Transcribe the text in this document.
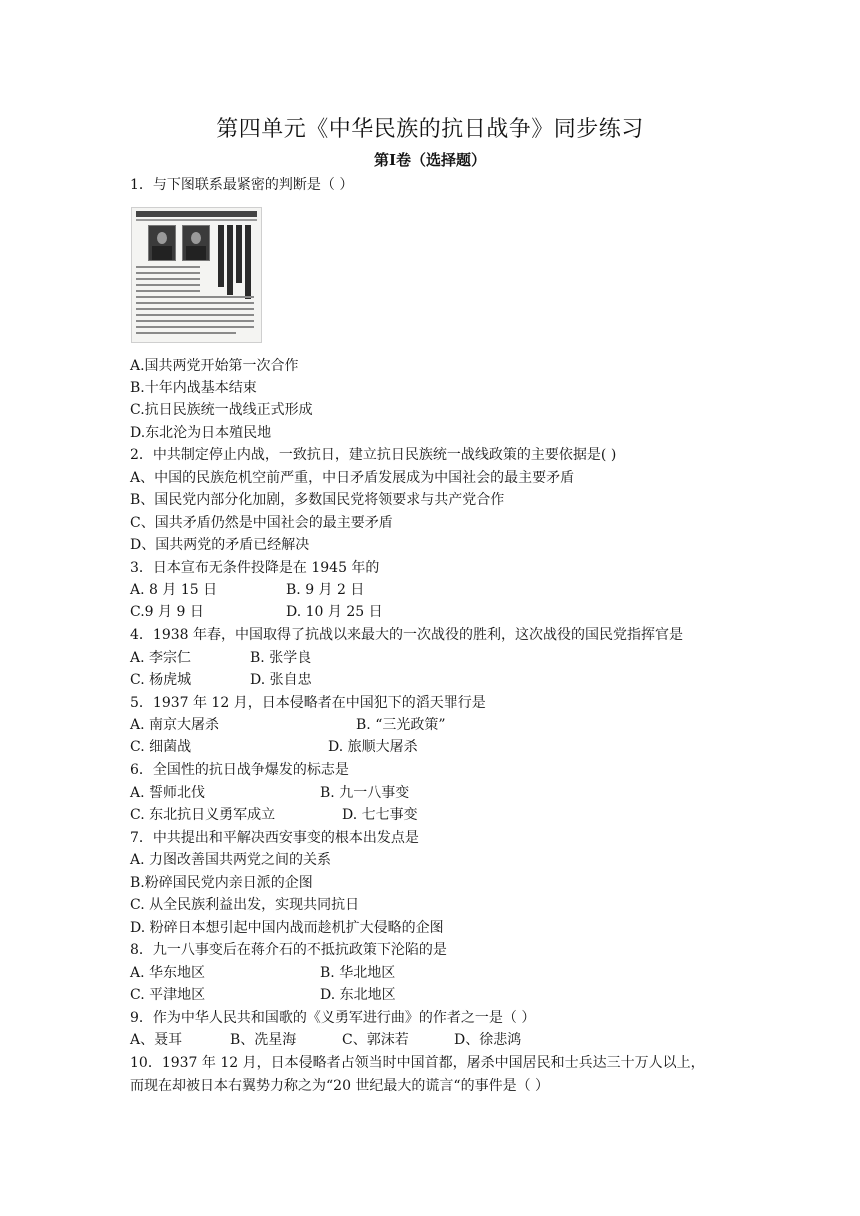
第四单元《中华民族的抗日战争》同步练习
第Ⅰ卷（选择题）
1．与下图联系最紧密的判断是（ ）
A.国共两党开始第一次合作
B.十年内战基本结束
C.抗日民族统一战线正式形成
D.东北沦为日本殖民地
2．中共制定停止内战，一致抗日，建立抗日民族统一战线政策的主要依据是( )
A、中国的民族危机空前严重，中日矛盾发展成为中国社会的最主要矛盾
B、国民党内部分化加剧，多数国民党将领要求与共产党合作
C、国共矛盾仍然是中国社会的最主要矛盾
D、国共两党的矛盾已经解决
3．日本宣布无条件投降是在 1945 年的
A. 8 月 15 日	B. 9 月 2 日
C.9 月 9 日	D. 10 月 25 日
4．1938 年春，中国取得了抗战以来最大的一次战役的胜利，这次战役的国民党指挥官是
A. 李宗仁	B. 张学良
C. 杨虎城	D. 张自忠
5．1937 年 12 月，日本侵略者在中国犯下的滔天罪行是
A. 南京大屠杀	B. “三光政策”
C. 细菌战	D. 旅顺大屠杀
6．全国性的抗日战争爆发的标志是
A. 誓师北伐	B. 九一八事变
C. 东北抗日义勇军成立	D. 七七事变
7．中共提出和平解决西安事变的根本出发点是
A. 力图改善国共两党之间的关系
B.粉碎国民党内亲日派的企图
C. 从全民族利益出发，实现共同抗日
D. 粉碎日本想引起中国内战而趁机扩大侵略的企图
8．九一八事变后在蒋介石的不抵抗政策下沦陷的是
A. 华东地区	B. 华北地区
C. 平津地区	D. 东北地区
9．作为中华人民共和国歌的《义勇军进行曲》的作者之一是（ ）
A、聂耳	B、冼星海	C、郭沫若	D、徐悲鸿
10．1937 年 12 月，日本侵略者占领当时中国首都，屠杀中国居民和士兵达三十万人以上，
而现在却被日本右翼势力称之为“20 世纪最大的谎言“的事件是（ ）
